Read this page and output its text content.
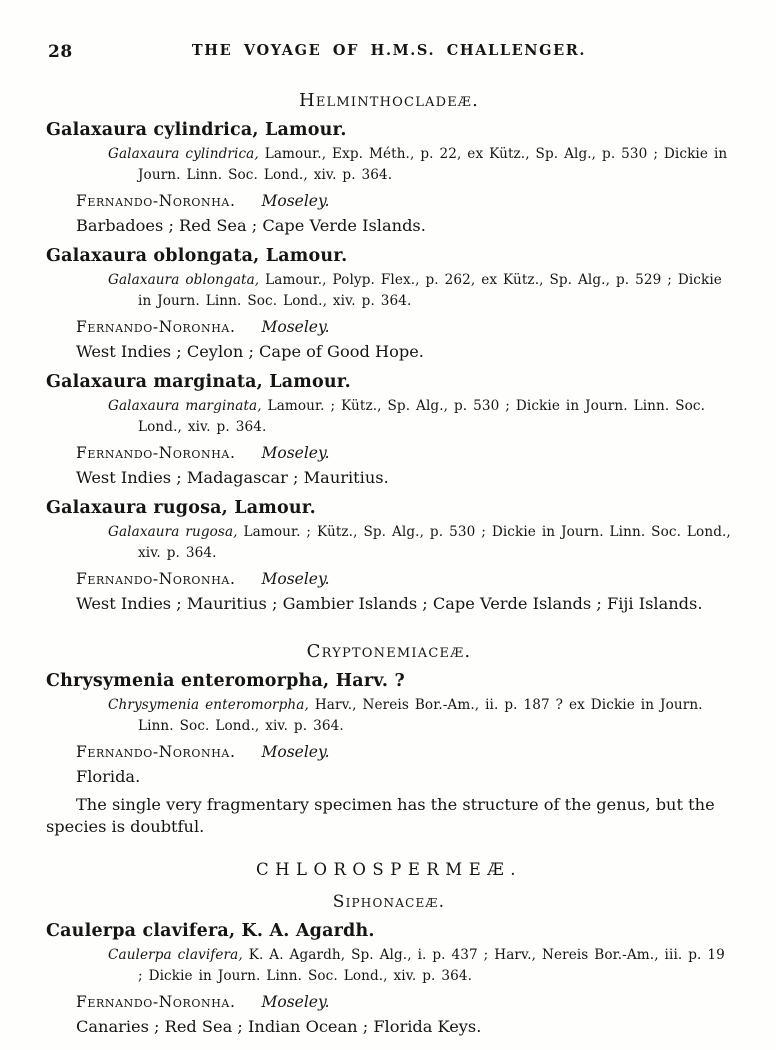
28	THE VOYAGE OF H.M.S. CHALLENGER.
Helminthocladeæ.
Galaxaura cylindrica, Lamour.

Galaxaura cylindrica, Lamour., Exp. Méth., p. 22, ex Kütz., Sp. Alg., p. 530 ; Dickie in Journ. Linn. Soc. Lond., xiv. p. 364.

Fernando-Noronha. Moseley.

Barbadoes ; Red Sea ; Cape Verde Islands.

Galaxaura oblongata, Lamour.

Galaxaura oblongata, Lamour., Polyp. Flex., p. 262, ex Kütz., Sp. Alg., p. 529 ; Dickie in Journ. Linn. Soc. Lond., xiv. p. 364.

Fernando-Noronha. Moseley.

West Indies ; Ceylon ; Cape of Good Hope.

Galaxaura marginata, Lamour.

Galaxaura marginata, Lamour. ; Kütz., Sp. Alg., p. 530 ; Dickie in Journ. Linn. Soc. Lond., xiv. p. 364.

Fernando-Noronha. Moseley.

West Indies ; Madagascar ; Mauritius.

Galaxaura rugosa, Lamour.

Galaxaura rugosa, Lamour. ; Kütz., Sp. Alg., p. 530 ; Dickie in Journ. Linn. Soc. Lond., xiv. p. 364.

Fernando-Noronha. Moseley.

West Indies ; Mauritius ; Gambier Islands ; Cape Verde Islands ; Fiji Islands.

Cryptonemiaceæ.
Chrysymenia enteromorpha, Harv. ?

Chrysymenia enteromorpha, Harv., Nereis Bor.-Am., ii. p. 187 ? ex Dickie in Journ. Linn. Soc. Lond., xiv. p. 364.

Fernando-Noronha. Moseley.

Florida.

The single very fragmentary specimen has the structure of the genus, but the species is doubtful.

CHLOROSPERMEÆ.
Siphonaceæ.
Caulerpa clavifera, K. A. Agardh.

Caulerpa clavifera, K. A. Agardh, Sp. Alg., i. p. 437 ; Harv., Nereis Bor.-Am., iii. p. 19 ; Dickie in Journ. Linn. Soc. Lond., xiv. p. 364.

Fernando-Noronha. Moseley.

Canaries ; Red Sea ; Indian Ocean ; Florida Keys.
